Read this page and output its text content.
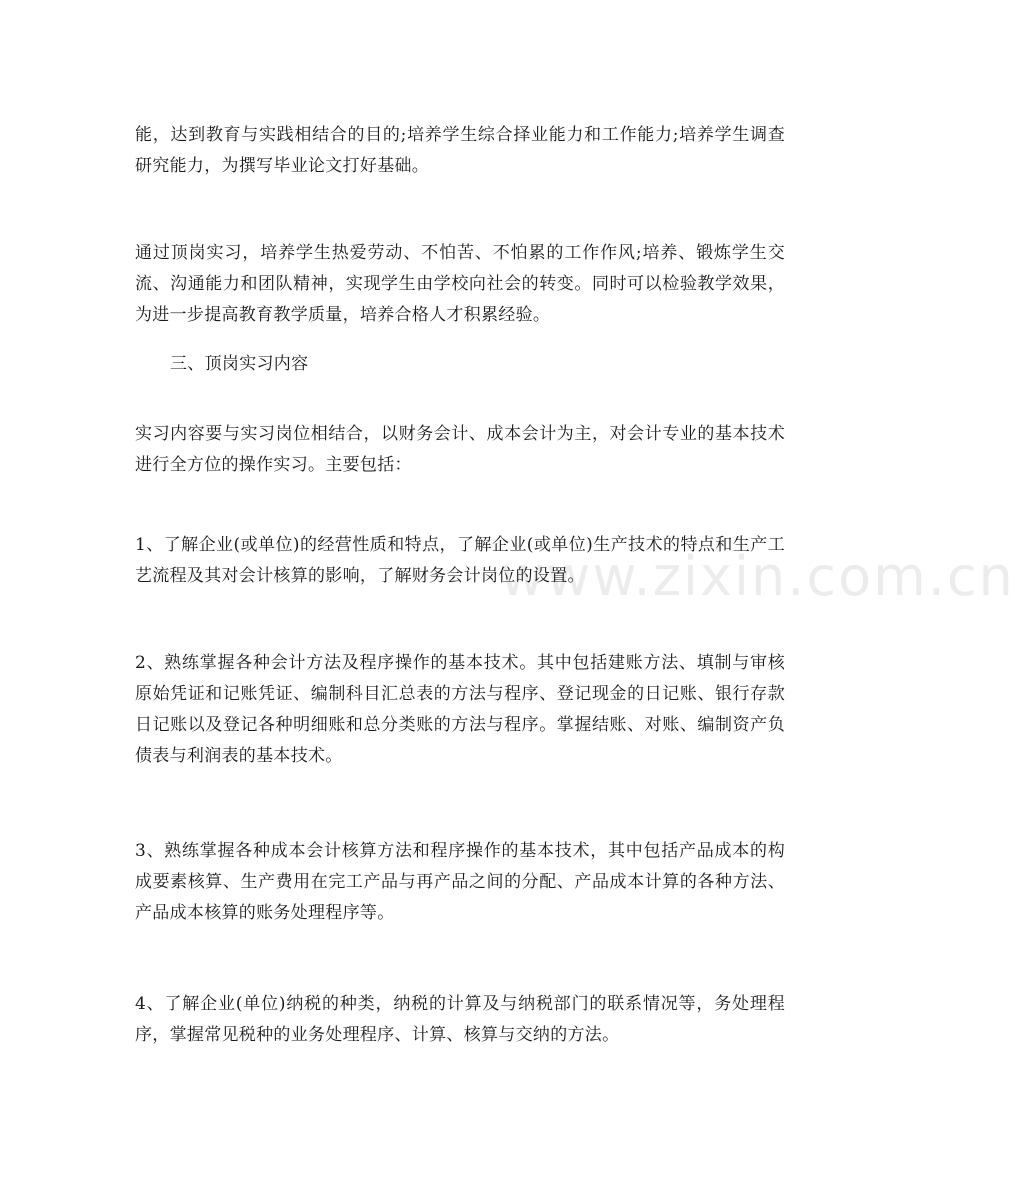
www.zixin.com.cn

能，达到教育与实践相结合的目的;培养学生综合择业能力和工作能力;培养学生调查研究能力，为撰写毕业论文打好基础。

通过顶岗实习，培养学生热爱劳动、不怕苦、不怕累的工作作风;培养、锻炼学生交流、沟通能力和团队精神，实现学生由学校向社会的转变。同时可以检验教学效果，为进一步提高教育教学质量，培养合格人才积累经验。

三、顶岗实习内容

实习内容要与实习岗位相结合，以财务会计、成本会计为主，对会计专业的基本技术进行全方位的操作实习。主要包括：

1、了解企业(或单位)的经营性质和特点，了解企业(或单位)生产技术的特点和生产工艺流程及其对会计核算的影响，了解财务会计岗位的设置。

2、熟练掌握各种会计方法及程序操作的基本技术。其中包括建账方法、填制与审核原始凭证和记账凭证、编制科目汇总表的方法与程序、登记现金的日记账、银行存款日记账以及登记各种明细账和总分类账的方法与程序。掌握结账、对账、编制资产负债表与利润表的基本技术。

3、熟练掌握各种成本会计核算方法和程序操作的基本技术，其中包括产品成本的构成要素核算、生产费用在完工产品与再产品之间的分配、产品成本计算的各种方法、产品成本核算的账务处理程序等。

4、了解企业(单位)纳税的种类，纳税的计算及与纳税部门的联系情况等，务处理程序，掌握常见税种的业务处理程序、计算、核算与交纳的方法。
